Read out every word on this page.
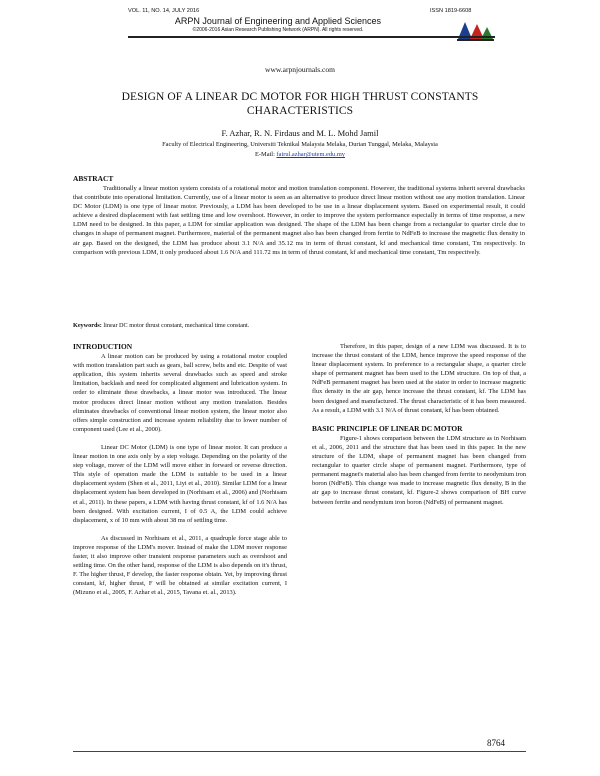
VOL. 11, NO. 14, JULY 2016	ISSN 1819-6608
ARPN Journal of Engineering and Applied Sciences
©2006-2016 Asian Research Publishing Network (ARPN). All rights reserved.
www.arpnjournals.com
DESIGN OF A LINEAR DC MOTOR FOR HIGH THRUST CONSTANTS CHARACTERISTICS
F. Azhar, R. N. Firdaus and M. L. Mohd Jamil
Faculty of Electrical Engineering, Universiti Teknikal Malaysia Melaka, Durian Tunggal, Melaka, Malaysia
E-Mail: fairul.azhar@utem.edu.my
ABSTRACT

Traditionally a linear motion system consists of a rotational motor and motion translation component. However, the traditional systems inherit several drawbacks that contribute into operational limitation. Currently, use of a linear motor is seen as an alternative to produce direct linear motion without use any motion translation. Linear DC Motor (LDM) is one type of linear motor. Previously, a LDM has been developed to be use in a linear displacement system. Based on experimental result, it could achieve a desired displacement with fast settling time and low overshoot. However, in order to improve the system performance especially in terms of time response, a new LDM need to be designed. In this paper, a LDM for similar application was designed. The shape of the LDM has been change from a rectangular to quarter circle due to changes in shape of permanent magnet. Furthermore, material of the permanent magnet also has been changed from ferrite to NdFeB to increase the magnetic flux density in air gap. Based on the designed, the LDM has produce about 3.1 N/A and 35.12 ms in term of thrust constant, kf and mechanical time constant, Tm respectively. In comparison with previous LDM, it only produced about 1.6 N/A and 111.72 ms in term of thrust constant, kf and mechanical time constant, Tm respectively.

Keywords: linear DC motor thrust constant, mechanical time constant.
INTRODUCTION

A linear motion can be produced by using a rotational motor coupled with motion translation part such as gears, ball screw, belts and etc. Despite of vast application, this system inherits several drawbacks such as speed and stroke limitation, backlash and need for complicated alignment and lubrication system. In order to eliminate these drawbacks, a linear motor was introduced. The linear motor produces direct linear motion without any motion translation. Besides eliminates drawbacks of conventional linear motion system, the linear motor also offers simple construction and increase system reliability due to lower number of component used (Lee et al., 2000).

Linear DC Motor (LDM) is one type of linear motor. It can produce a linear motion in one axis only by a step voltage. Depending on the polarity of the step voltage, mover of the LDM will move either in forward or reverse direction. This style of operation made the LDM is suitable to be used in a linear displacement system (Shen et al., 2011, Liyi et al., 2010). Similar LDM for a linear displacement system has been developed in (Norhisam et al., 2006) and (Norhisam et al., 2011). In these papers, a LDM with having thrust constant, kf of 1.6 N/A has been designed. With excitation current, I of 0.5 A, the LDM could achieve displacement, x of 10 mm with about 38 ms of settling time.

As discussed in Norhisam et al., 2011, a quadruple force stage able to improve response of the LDM's mover. Instead of make the LDM mover response faster, it also improve other transient response parameters such as overshoot and settling time. On the other hand, response of the LDM is also depends on it's thrust, F. The higher thrust, F develop, the faster response obtain. Yet, by improving thrust constant, kf, higher thrust, F will be obtained at similar excitation current, I (Mizuno et al., 2005, F. Azhar et al., 2015, Tavana et. al., 2013).

Therefore, in this paper, design of a new LDM was discussed. It is to increase the thrust constant of the LDM, hence improve the speed response of the linear displacement system. In preference to a rectangular shape, a quarter circle shape of permanent magnet has been used to the LDM structure. On top of that, a NdFeB permanent magnet has been used at the stator in order to increase magnetic flux density in the air gap, hence increase the thrust constant, kf. The LDM has been designed and manufactured. The thrust characteristic of it has been measured. As a result, a LDM with 3.1 N/A of thrust constant, kf has been obtained.

BASIC PRINCIPLE OF LINEAR DC MOTOR

Figure-1 shows comparison between the LDM structure as in Norhisam et al., 2006, 2011 and the structure that has been used in this paper. In the new structure of the LDM, shape of permanent magnet has been changed from rectangular to quarter circle shape of permanent magnet. Furthermore, type of permanent magnet's material also has been changed from ferrite to neodymium iron boron (NdFeB). This change was made to increase magnetic flux density, B in the air gap to increase thrust constant, kf. Figure-2 shows comparison of BH curve between ferrite and neodymium iron boron (NdFeB) of permanent magnet.

8764
